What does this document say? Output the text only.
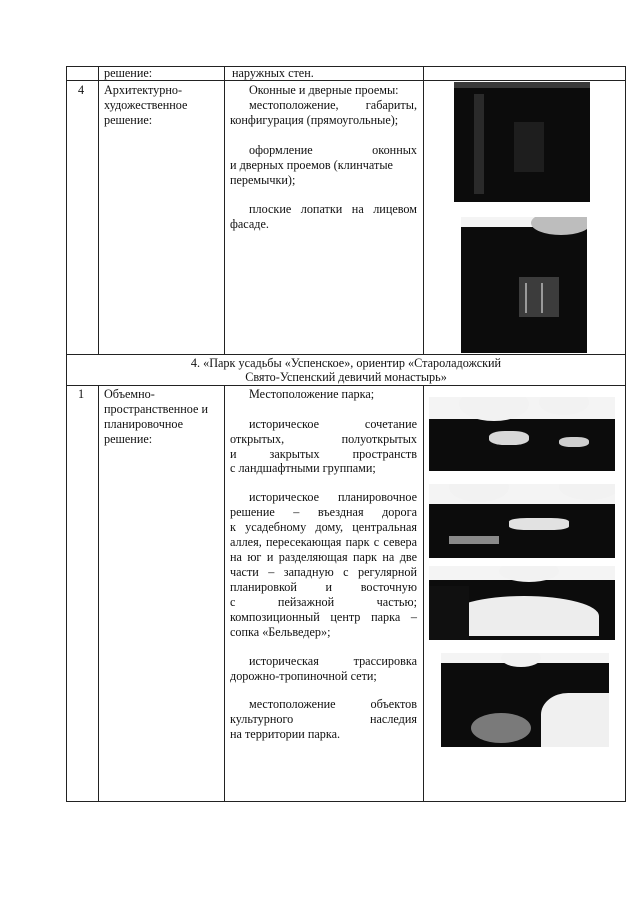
решение:	наружных стен.
4 Архитектурно-
художественное
решение:
Оконные и дверные проемы:
местоположение, габариты,
конфигурация (прямоугольные);
оформление оконных
и дверных проемов (клинчатые
перемычки);
плоские лопатки на лицевом
фасаде.
4. «Парк усадьбы «Успенское», ориентир «Староладожский
Свято-Успенский девичий монастырь»
1 Объемно-
пространственное и
планировочное
решение:
Местоположение парка;
историческое сочетание
открытых, полуоткрытых
и закрытых пространств
с ландшафтными группами;
историческое планировочное
решение – въездная дорога
к усадебному дому, центральная
аллея, пересекающая парк с севера
на юг и разделяющая парк на две
части – западную с регулярной
планировкой и восточную
с пейзажной частью;
композиционный центр парка –
сопка «Бельведер»;
историческая трассировка
дорожно-тропиночной сети;
местоположение объектов
культурного наследия
на территории парка.
